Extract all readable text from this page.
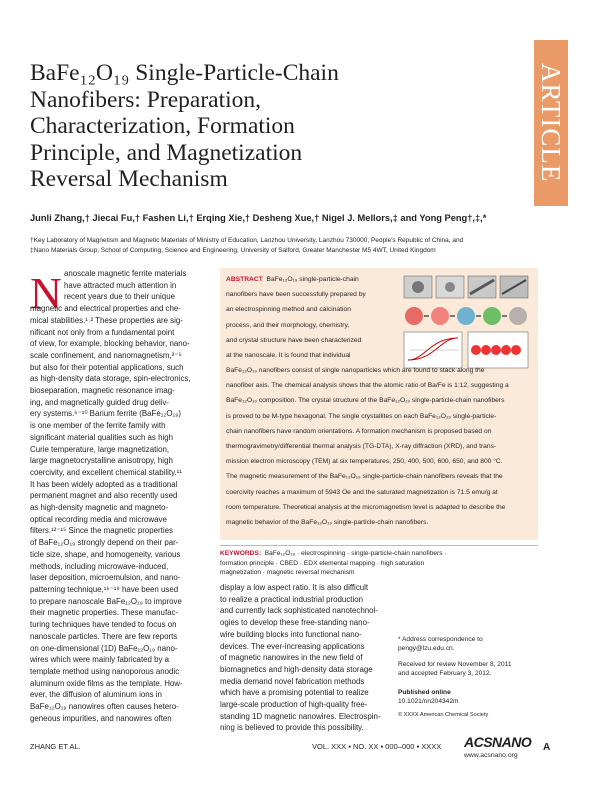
ARTICLE
BaFe₁₂O₁₉ Single-Particle-Chain
Nanofibers: Preparation,
Characterization, Formation
Principle, and Magnetization
Reversal Mechanism
Junli Zhang,† Jiecai Fu,† Fashen Li,† Erqing Xie,† Desheng Xue,† Nigel J. Mellors,‡ and Yong Peng†,‡,*
†Key Laboratory of Magnetism and Magnetic Materials of Ministry of Education, Lanzhou University, Lanzhou 730000, People's Republic of China, and
‡Nano Materials Group, School of Computing, Science and Engineering, University of Salford, Greater Manchester M5 4WT, United Kingdom
ABSTRACT BaFe₁₂O₁₉ single-particle-chain
nanofibers have been successfully prepared by
an electrospinning method and calcination
process, and their morphology, chemistry,
and crystal structure have been characterized
at the nanoscale. It is found that individual
BaFe₁₂O₁₉ nanofibers consist of single nanoparticles which are found to stack along the
nanofiber axis. The chemical analysis shows that the atomic ratio of Ba/Fe is 1:12, suggesting a
BaFe₁₂O₁₉ composition. The crystal structure of the BaFe₁₂O₁₉ single-particle-chain nanofibers
is proved to be M-type hexagonal. The single crystallites on each BaFe₁₂O₁₉ single-particle-
chain nanofibers have random orientations. A formation mechanism is proposed based on
thermogravimetry/differential thermal analysis (TG-DTA), X-ray diffraction (XRD), and trans-
mission electron microscopy (TEM) at six temperatures, 250, 400, 500, 600, 650, and 800 °C.
The magnetic measurement of the BaFe₁₂O₁₉ single-particle-chain nanofibers reveals that the
coercivity reaches a maximum of 5943 Oe and the saturated magnetization is 71.5 emu/g at
room temperature. Theoretical analysis at the micromagnetism level is adapted to describe the
magnetic behavior of the BaFe₁₂O₁₉ single-particle-chain nanofibers.
KEYWORDS: BaFe₁₂O₁₉ · electrospinning · single-particle-chain nanofibers ·
formation principle · CBED · EDX elemental mapping · high saturation
magnetization · magnetic reversal mechanism
N anoscale magnetic ferrite materials
have attracted much attention in
recent years due to their unique
magnetic and electrical properties and che-
mical stabilities.¹˒² These properties are sig-
nificant not only from a fundamental point
of view, for example, blocking behavior, nano-
scale confinement, and nanomagnetism,³⁻⁵
but also for their potential applications, such
as high-density data storage, spin-electronics,
bioseparation, magnetic resonance imag-
ing, and magnetically guided drug deliv-
ery systems.⁶⁻¹⁰ Barium ferrite (BaFe₁₂O₁₉)
is one member of the ferrite family with
significant material qualities such as high
Curie temperature, large magnetization,
large magnetocrystalline anisotropy, high
coercivity, and excellent chemical stability.¹¹
It has been widely adopted as a traditional
permanent magnet and also recently used
as high-density magnetic and magneto-
optical recording media and microwave
filters.¹²⁻¹⁵ Since the magnetic properties
of BaFe₁₂O₁₉ strongly depend on their par-
ticle size, shape, and homogeneity, various
methods, including microwave-induced,
laser deposition, microemulsion, and nano-
patterning technique,¹⁶⁻¹⁹ have been used
to prepare nanoscale BaFe₁₂O₁₉ to improve
their magnetic properties. These manufac-
turing techniques have tended to focus on
nanoscale particles. There are few reports
on one-dimensional (1D) BaFe₁₂O₁₉ nano-
wires which were mainly fabricated by a
template method using nanoporous anodic
aluminum oxide films as the template. How-
ever, the diffusion of aluminum ions in
BaFe₁₂O₁₉ nanowires often causes hetero-
geneous impurities, and nanowires often
display a low aspect ratio. It is also difficult
to realize a practical industrial production
and currently lack sophisticated nanotechnol-
ogies to develop these free-standing nano-
wire building blocks into functional nano-
devices. The ever-increasing applications
of magnetic nanowires in the new field of
biomagnetics and high-density data storage
media demand novel fabrication methods
which have a promising potential to realize
large-scale production of high-quality free-
standing 1D magnetic nanowires. Electrospin-
ning is believed to provide this possibility.
* Address correspondence to
pengy@lzu.edu.cn.
Received for review November 8, 2011
and accepted February 3, 2012.
Published online
10.1021/nn204342m
© XXXX American Chemical Society
ZHANG ET AL.	VOL. XXX ▪ NO. XX ▪ 000–000 ▪ XXXX ACSNANO
www.acsnano.org
A
